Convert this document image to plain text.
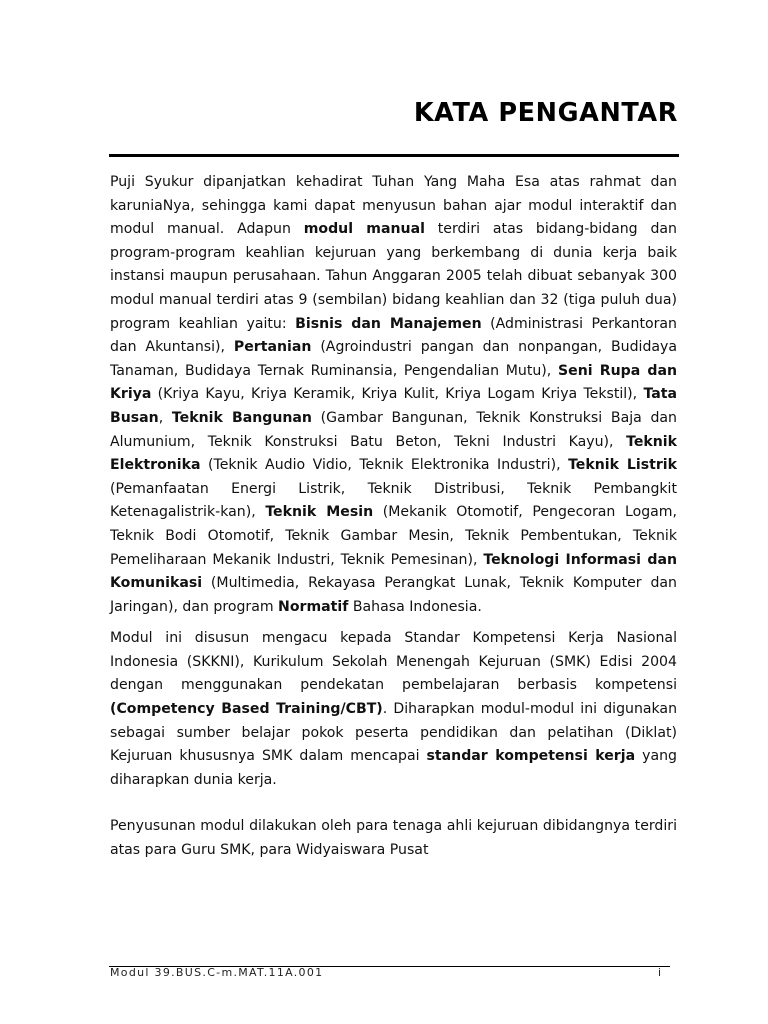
KATA PENGANTAR

Puji Syukur dipanjatkan kehadirat Tuhan Yang Maha Esa atas rahmat dan karuniaNya, sehingga kami dapat menyusun bahan ajar modul interaktif dan modul manual. Adapun modul manual terdiri atas bidang-bidang dan program-program keahlian kejuruan yang berkembang di dunia kerja baik instansi maupun perusahaan. Tahun Anggaran 2005 telah dibuat sebanyak 300 modul manual terdiri atas 9 (sembilan) bidang keahlian dan 32 (tiga puluh dua) program keahlian yaitu: Bisnis dan Manajemen (Administrasi Perkantoran dan Akuntansi), Pertanian (Agroindustri pangan dan nonpangan, Budidaya Tanaman, Budidaya Ternak Ruminansia, Pengendalian Mutu), Seni Rupa dan Kriya (Kriya Kayu, Kriya Keramik, Kriya Kulit, Kriya Logam Kriya Tekstil), Tata Busan, Teknik Bangunan (Gambar Bangunan, Teknik Konstruksi Baja dan Alumunium, Teknik Konstruksi Batu Beton, Tekni Industri Kayu), Teknik Elektronika (Teknik Audio Vidio, Teknik Elektronika Industri), Teknik Listrik (Pemanfaatan Energi Listrik, Teknik Distribusi, Teknik Pembangkit Ketenagalistrik-kan), Teknik Mesin (Mekanik Otomotif, Pengecoran Logam, Teknik Bodi Otomotif, Teknik Gambar Mesin, Teknik Pembentukan, Teknik Pemeliharaan Mekanik Industri, Teknik Pemesinan), Teknologi Informasi dan Komunikasi (Multimedia, Rekayasa Perangkat Lunak, Teknik Komputer dan Jaringan), dan program Normatif Bahasa Indonesia.

Modul ini disusun mengacu kepada Standar Kompetensi Kerja Nasional Indonesia (SKKNI), Kurikulum Sekolah Menengah Kejuruan (SMK) Edisi 2004 dengan menggunakan pendekatan pembelajaran berbasis kompetensi (Competency Based Training/CBT). Diharapkan modul-modul ini digunakan sebagai sumber belajar pokok peserta pendidikan dan pelatihan (Diklat) Kejuruan khususnya SMK dalam mencapai standar kompetensi kerja yang diharapkan dunia kerja.

Penyusunan modul dilakukan oleh para tenaga ahli kejuruan dibidangnya terdiri atas para Guru SMK, para Widyaiswara Pusat

Modul 39.BUS.C-m.MAT.11A.001	i
